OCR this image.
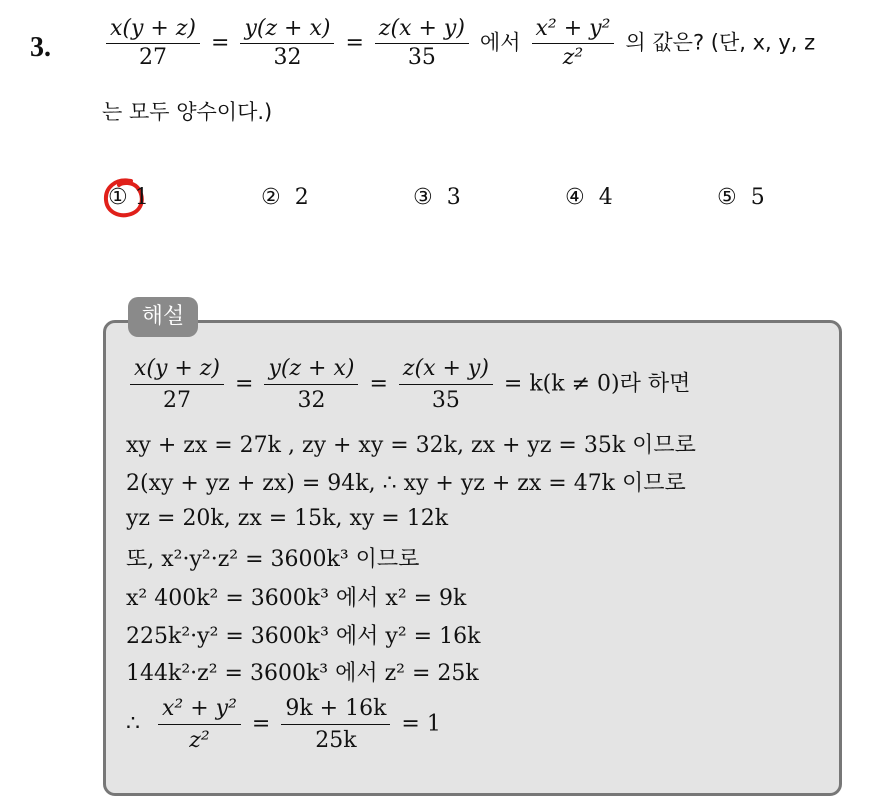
3.	$\frac{x(y + z)}{27} = \frac{y(z + x)}{32} = \frac{z(x + y)}{35}$ 에서 $\frac{\text{x² + y²}}{\text{z²}}$ 의 값은? (단, x, y, z
는 모두 양수이다.)
① 1	② 2	③ 3	④ 4	⑤ 5
해설
$\frac{x(y + z)}{27} = \frac{y(z + x)}{32} = \frac{z(x + y)}{35} = k(k \ne 0)$라 하면
xy + zx = 27k , zy + xy = 32k, zx + yz = 35k 이므로
2(xy + yz + zx) = 94k, ∴ xy + yz + zx = 47k 이므로
yz = 20k, zx = 15k, xy = 12k
또, x²·y²·z² = 3600k³ 이므로
x² 400k² = 3600k³ 에서 x² = 9k
225k²·y² = 3600k³ 에서 y² = 16k
144k²·z² = 3600k³ 에서 z² = 25k
∴ $\frac{\text{x² + y²}}{\text{z²}} = \frac{9k + 16k}{25k} = 1$
